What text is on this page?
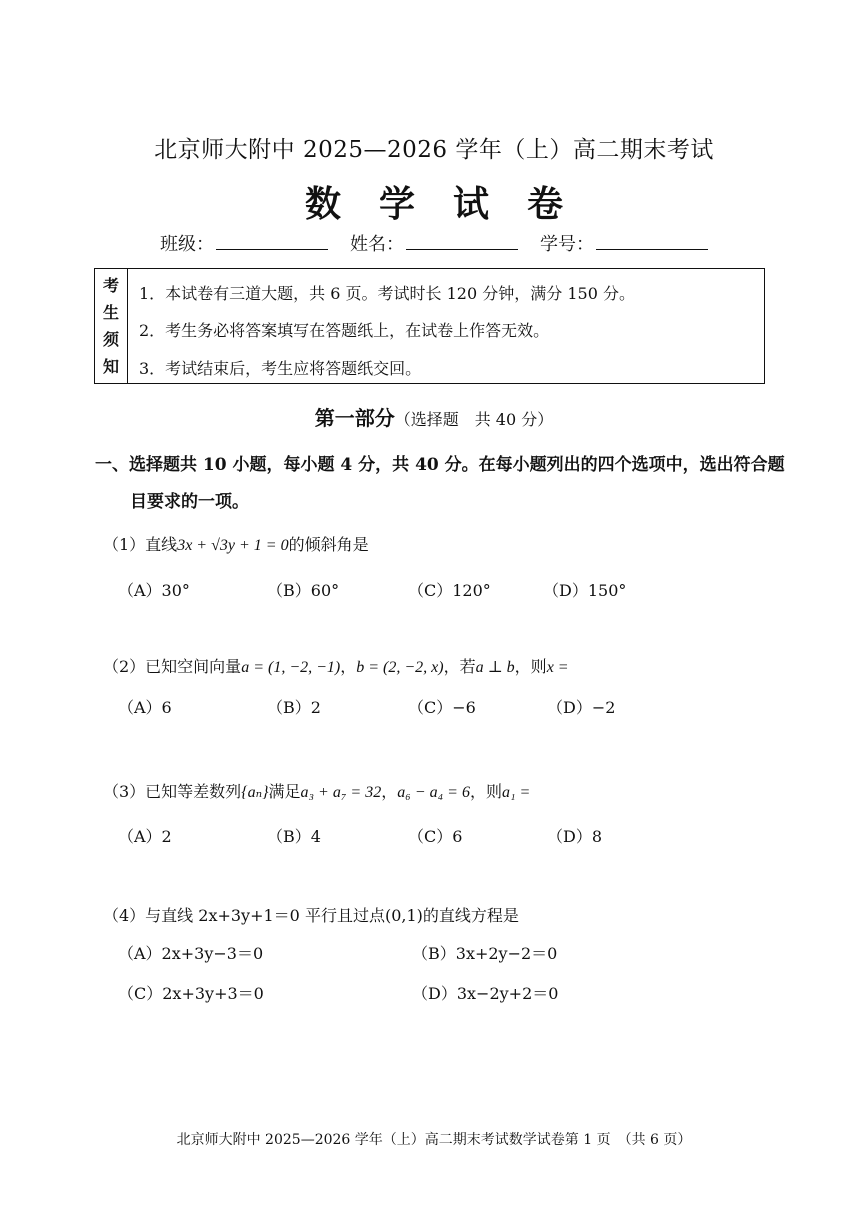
北京师大附中 2025—2026 学年（上）高二期末考试
数学试卷
班级：	姓名：	学号：
考
生
须
知
1．本试卷有三道大题，共 6 页。考试时长 120 分钟，满分 150 分。
2．考生务必将答案填写在答题纸上，在试卷上作答无效。
3．考试结束后，考生应将答题纸交回。
第一部分（选择题　共 40 分）
一、选择题共 10 小题，每小题 4 分，共 40 分。在每小题列出的四个选项中，选出符合题
目要求的一项。
（1）直线3x + √3y + 1 = 0的倾斜角是
（A）30°	（B）60°	（C）120°	（D）150°
（2）已知空间向量a = (1, −2, −1)，b = (2, −2, x)，若a ⊥ b，则x =
（A）6	（B）2	（C）−6	（D）−2
（3）已知等差数列{aₙ}满足a₃ + a₇ = 32，a₆ − a₄ = 6，则a₁ =
（A）2	（B）4	（C）6	（D）8
（4）与直线 2x+3y+1＝0 平行且过点(0,1)的直线方程是
（A）2x+3y−3＝0	（B）3x+2y−2＝0
（C）2x+3y+3＝0	（D）3x−2y+2＝0
北京师大附中 2025—2026 学年（上）高二期末考试数学试卷第 1 页　（共 6 页）
